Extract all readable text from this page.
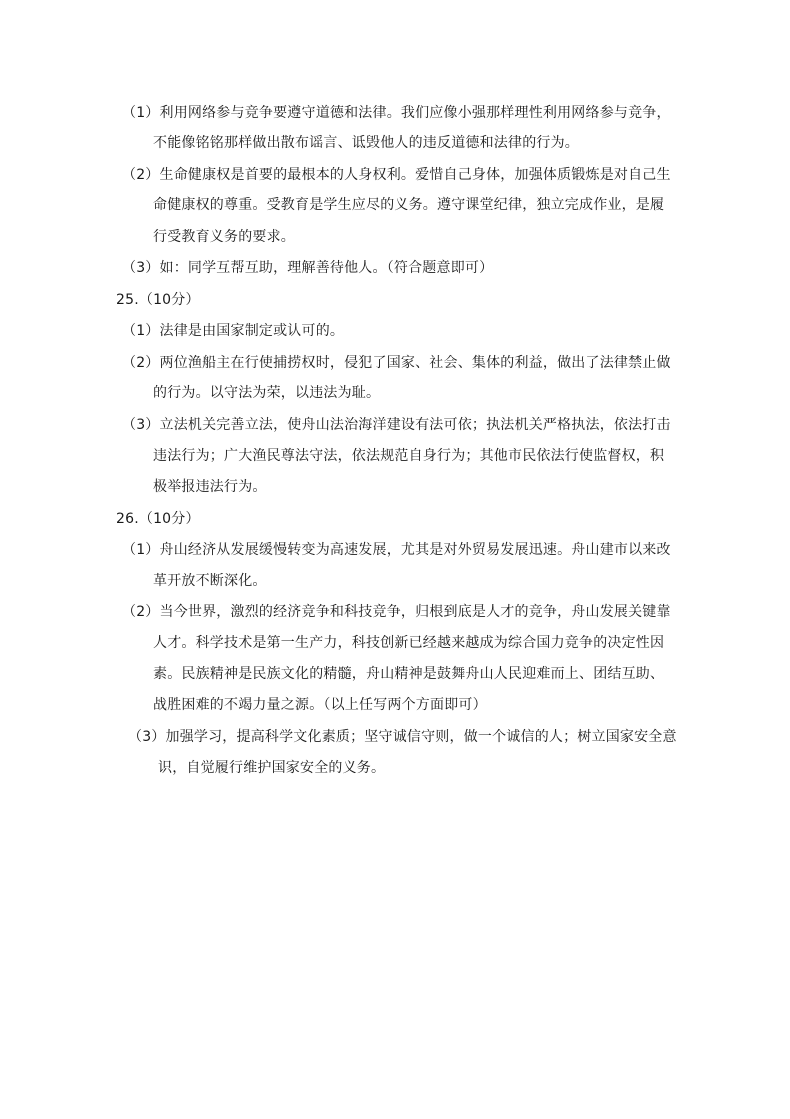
（1）利用网络参与竞争要遵守道德和法律。我们应像小强那样理性利用网络参与竞争，
不能像铭铭那样做出散布谣言、诋毁他人的违反道德和法律的行为。
（2）生命健康权是首要的最根本的人身权利。爱惜自己身体，加强体质锻炼是对自己生
命健康权的尊重。受教育是学生应尽的义务。遵守课堂纪律，独立完成作业，是履
行受教育义务的要求。
（3）如：同学互帮互助，理解善待他人。（符合题意即可）
25.（10分）
（1）法律是由国家制定或认可的。
（2）两位渔船主在行使捕捞权时，侵犯了国家、社会、集体的利益，做出了法律禁止做
的行为。以守法为荣，以违法为耻。
（3）立法机关完善立法，使舟山法治海洋建设有法可依；执法机关严格执法，依法打击
违法行为；广大渔民尊法守法，依法规范自身行为；其他市民依法行使监督权，积
极举报违法行为。
26.（10分）
（1）舟山经济从发展缓慢转变为高速发展，尤其是对外贸易发展迅速。舟山建市以来改
革开放不断深化。
（2）当今世界，激烈的经济竞争和科技竞争，归根到底是人才的竞争，舟山发展关键靠
人才。科学技术是第一生产力，科技创新已经越来越成为综合国力竞争的决定性因
素。民族精神是民族文化的精髓，舟山精神是鼓舞舟山人民迎难而上、团结互助、
战胜困难的不竭力量之源。（以上任写两个方面即可）
（3）加强学习，提高科学文化素质；坚守诚信守则，做一个诚信的人；树立国家安全意
识，自觉履行维护国家安全的义务。
